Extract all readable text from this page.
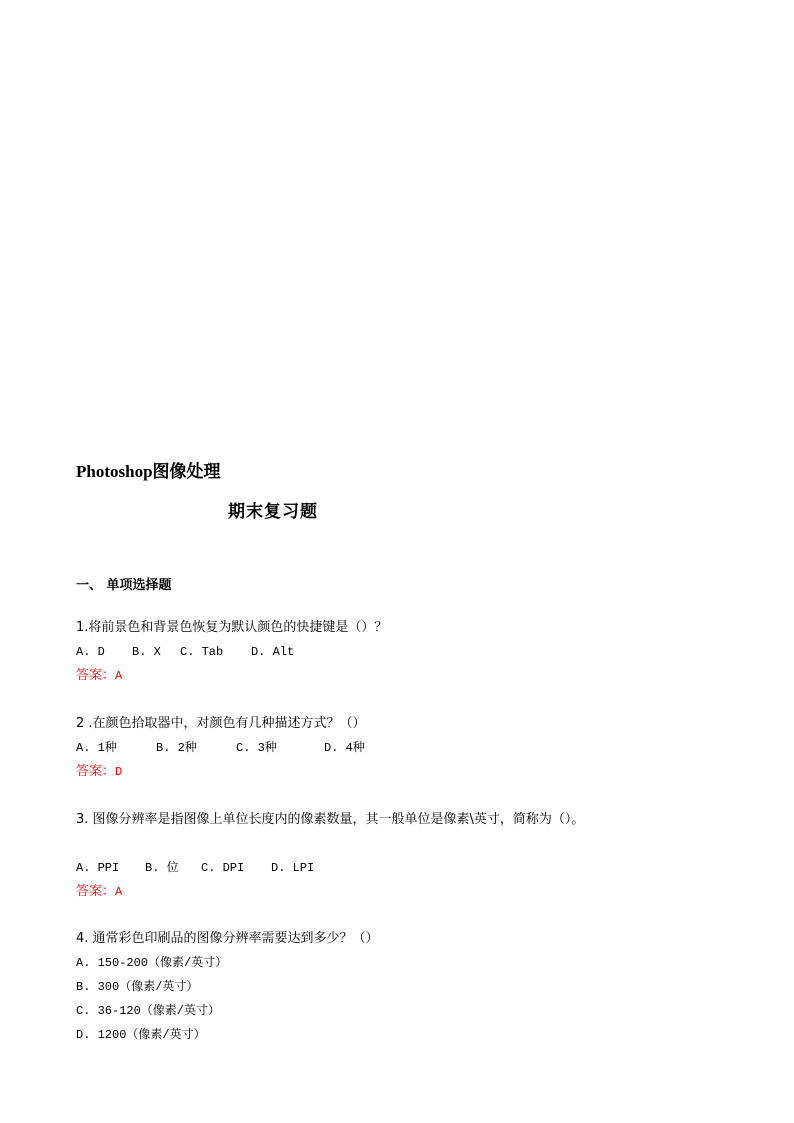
Photoshop图像处理
期末复习题
一、 单项选择题
1.将前景色和背景色恢复为默认颜色的快捷键是（）？
A. D B. X C. Tab D. Alt
答案：A
2 .在颜色拾取器中，对颜色有几种描述方式？（）
A. 1种	B. 2种	C. 3种	D. 4种
答案：D
3. 图像分辨率是指图像上单位长度内的像素数量，其一般单位是像素\英寸，简称为（）。
A. PPI B. 位 C. DPI D. LPI
答案：A
4. 通常彩色印刷品的图像分辨率需要达到多少？（）
A. 150-200（像素/英寸）
B. 300（像素/英寸）
C. 36-120（像素/英寸）
D. 1200（像素/英寸）
